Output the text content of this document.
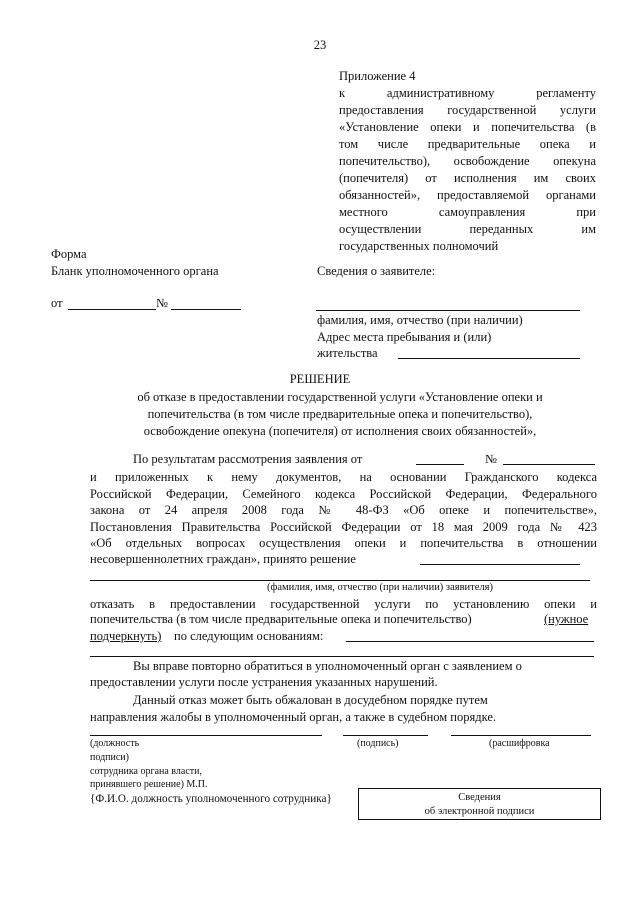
23
Приложение 4
к административному регламенту
предоставления государственной услуги
«Установление опеки и попечительства (в
том числе предварительные опека и
попечительство), освобождение опекуна
(попечителя) от исполнения им своих
обязанностей», предоставляемой органами
местного самоуправления при
осуществлении переданных им
государственных полномочий
Форма
Бланк уполномоченного органа	Сведения о заявителе:
от	№
фамилия, имя, отчество (при наличии)
Адрес места пребывания и (или)
жительства
РЕШЕНИЕ
об отказе в предоставлении государственной услуги «Установление опеки и
попечительства (в том числе предварительные опека и попечительство),
освобождение опекуна (попечителя) от исполнения своих обязанностей»,
По результатам рассмотрения заявления от	№
и приложенных к нему документов, на основании Гражданского кодекса
Российской Федерации, Семейного кодекса Российской Федерации, Федерального
закона от 24 апреля 2008 года № 48-ФЗ «Об опеке и попечительстве»,
Постановления Правительства Российской Федерации от 18 мая 2009 года № 423
«Об отдельных вопросах осуществления опеки и попечительства в отношении
несовершеннолетних граждан», принято решение
(фамилия, имя, отчество (при наличии) заявителя)
отказать в предоставлении государственной услуги по установлению опеки и
попечительства (в том числе предварительные опека и попечительство)	(нужное
подчеркнуть) по следующим основаниям:
Вы вправе повторно обратиться в уполномоченный орган с заявлением о
предоставлении услуги после устранения указанных нарушений.
Данный отказ может быть обжалован в досудебном порядке путем
направления жалобы в уполномоченный орган, а также в судебном порядке.
(должность	(подпись)	(расшифровка
подписи)
сотрудника органа власти,
принявшего решение) М.П.
{Ф.И.О. должность уполномоченного сотрудника}	Сведения
об электронной подписи
